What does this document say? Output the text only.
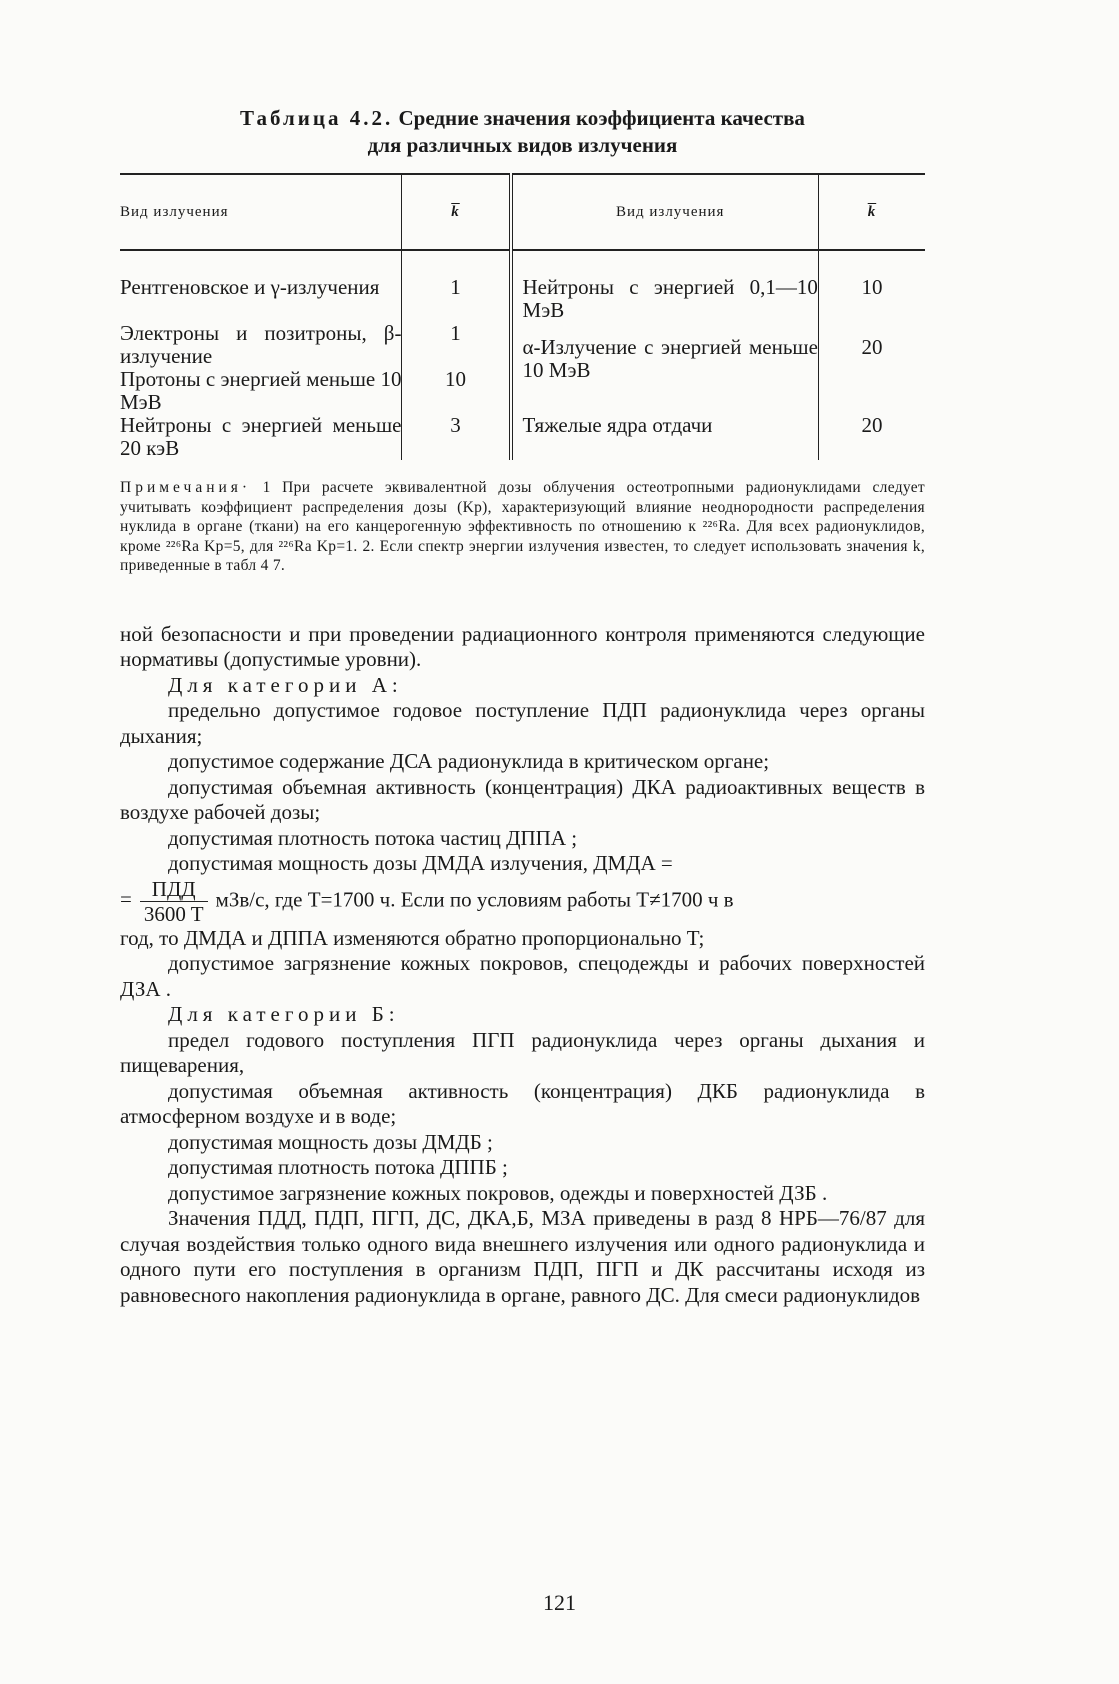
Таблица 4.2. Средние значения коэффициента качества
для различных видов излучения
Вид излучения	$\overline{k}$	Вид излучения	$\overline{k}$
Рентгеновское и γ-излучения	1	Нейтроны с энергией 0,1—10 МэВ	10
Электроны и позитроны, β-излучение	1	α-Излучение с энергией меньше 10 МэВ	20
Протоны с энергией меньше 10 МэВ	10		
Нейтроны с энергией меньше 20 кэВ	3	Тяжелые ядра отдачи	20
Примечания· 1 При расчете эквивалентной дозы облучения остеотропными радионуклидами следует учитывать коэффициент распределения дозы (Kр), характеризующий влияние неоднородности распределения нуклида в органе (ткани) на его канцерогенную эффективность по отношению к ²²⁶Ra. Для всех радионуклидов, кроме ²²⁶Ra Kр=5, для ²²⁶Ra Kр=1. 2. Если спектр энергии излучения известен, то следует использовать значения k, приведенные в табл 4 7.

ной безопасности и при проведении радиационного контроля применяются следующие нормативы (допустимые уровни).

Для категории А:

предельно допустимое годовое поступление ПДП радионуклида через органы дыхания;

допустимое содержание ДСА радионуклида в критическом органе;

допустимая объемная активность (концентрация) ДКА радиоактивных веществ в воздухе рабочей дозы;

допустимая плотность потока частиц ДППА ;

допустимая мощность дозы ДМДА излучения, ДМДА =

= $\frac{\text{ПДД}}{3600 T} мЗв/с$, где T=1700 ч. Если по условиям работы T≠1700 ч в

год, то ДМДА и ДППА изменяются обратно пропорционально T;

допустимое загрязнение кожных покровов, спецодежды и рабочих поверхностей ДЗА .

Для категории Б:

предел годового поступления ПГП радионуклида через органы дыхания и пищеварения,

допустимая объемная активность (концентрация) ДКБ радионуклида в атмосферном воздухе и в воде;

допустимая мощность дозы ДМДБ ;

допустимая плотность потока ДППБ ;

допустимое загрязнение кожных покровов, одежды и поверхностей ДЗБ .

Значения ПДД, ПДП, ПГП, ДС, ДКА,Б, МЗА приведены в разд 8 НРБ—76/87 для случая воздействия только одного вида внешнего излучения или одного радионуклида и одного пути его поступления в организм ПДП, ПГП и ДК рассчитаны исходя из равновесного накопления радионуклида в органе, равного ДС. Для смеси радионуклидов

121
